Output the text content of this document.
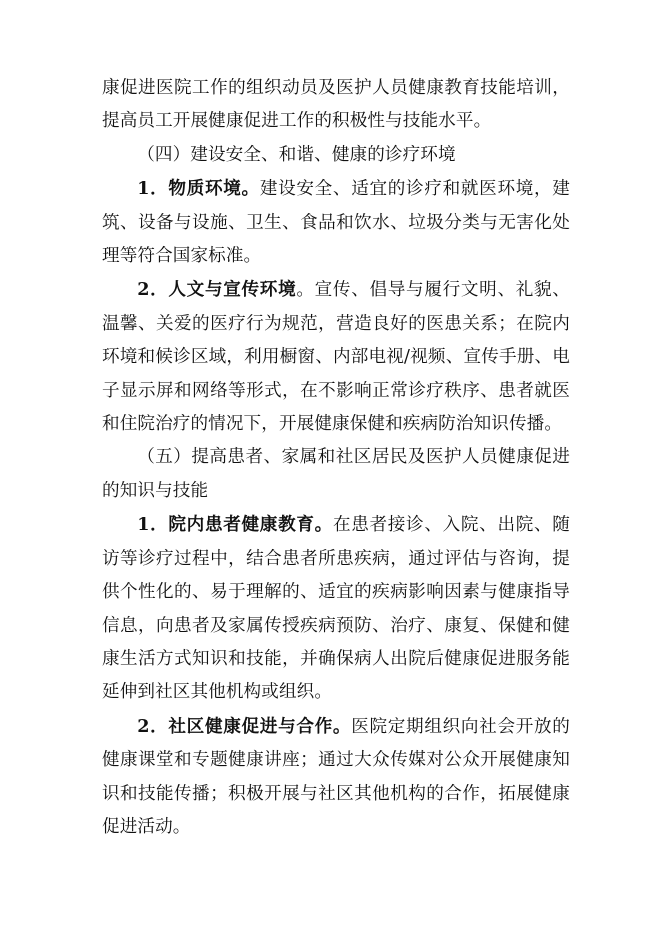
康促进医院工作的组织动员及医护人员健康教育技能培训，提高员工开展健康促进工作的积极性与技能水平。

（四）建设安全、和谐、健康的诊疗环境

1．物质环境。建设安全、适宜的诊疗和就医环境，建筑、设备与设施、卫生、食品和饮水、垃圾分类与无害化处理等符合国家标准。

2．人文与宣传环境。宣传、倡导与履行文明、礼貌、温馨、关爱的医疗行为规范，营造良好的医患关系；在院内环境和候诊区域，利用橱窗、内部电视/视频、宣传手册、电子显示屏和网络等形式，在不影响正常诊疗秩序、患者就医和住院治疗的情况下，开展健康保健和疾病防治知识传播。

（五）提高患者、家属和社区居民及医护人员健康促进的知识与技能

1．院内患者健康教育。在患者接诊、入院、出院、随访等诊疗过程中，结合患者所患疾病，通过评估与咨询，提供个性化的、易于理解的、适宜的疾病影响因素与健康指导信息，向患者及家属传授疾病预防、治疗、康复、保健和健康生活方式知识和技能，并确保病人出院后健康促进服务能延伸到社区其他机构或组织。

2．社区健康促进与合作。医院定期组织向社会开放的健康课堂和专题健康讲座；通过大众传媒对公众开展健康知识和技能传播；积极开展与社区其他机构的合作，拓展健康促进活动。
